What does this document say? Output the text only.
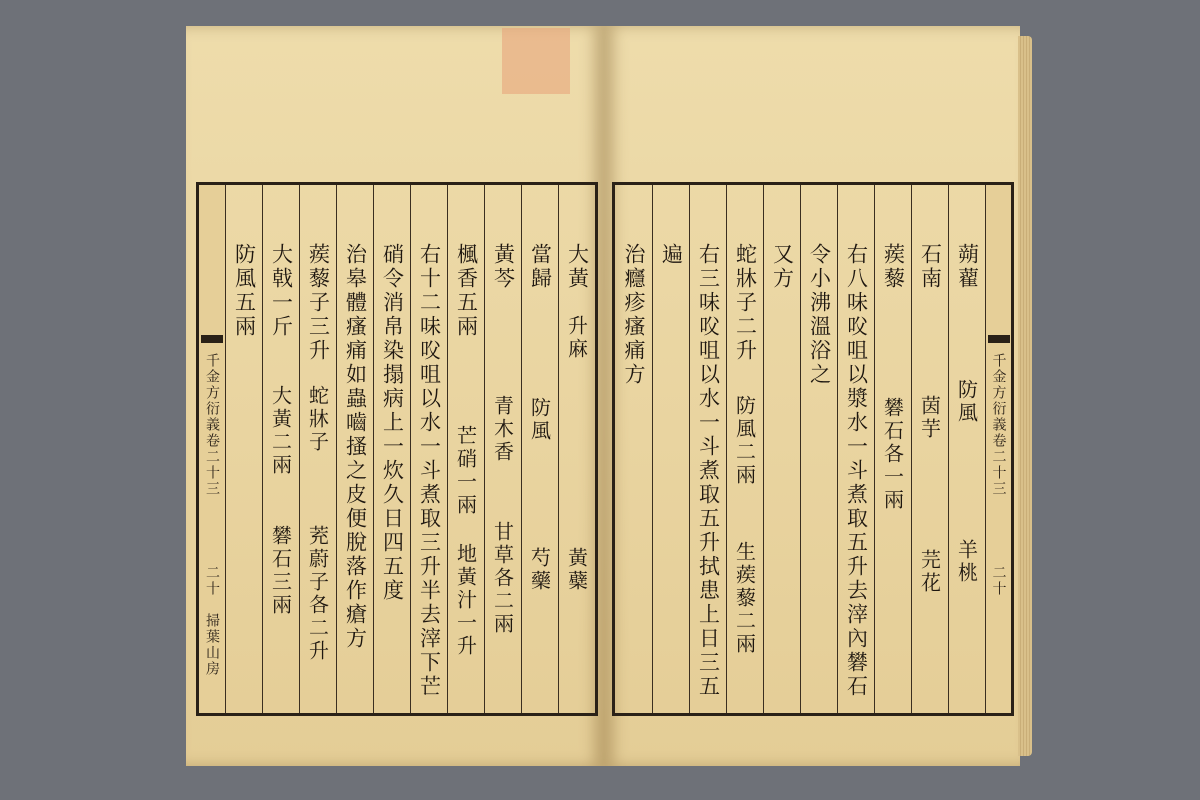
千金方衍義卷二十三
二十
掃葉山房
防風五兩 大戟一斤
大黃二兩
礬石三兩
蒺藜子三升
蛇牀子
茺蔚子各二升 治皋體瘙痛如蟲嚙搔之皮便脫落作瘡方 硝令消帛染搨病上一炊久日四五度 右十二味㕮咀以水一斗煮取三升半去滓下芒 楓香五兩
芒硝一兩
地黃汁一升
黃芩
青木香
甘草各二兩
當歸
防風
芍藥
大黃
升麻
黃蘗
治癮疹瘙痛方 遍 右三味㕮咀以水一斗煮取五升拭患上日三五 蛇牀子二升
防風二兩
生蒺藜二兩
又方 令小沸溫浴之 右八味㕮咀以漿水一斗煮取五升去滓內礬石 蒺藜
礬石各一兩
石南
茵芋
芫花
蒴藋
防風
羊桃
千金方衍義卷二十三
二十
